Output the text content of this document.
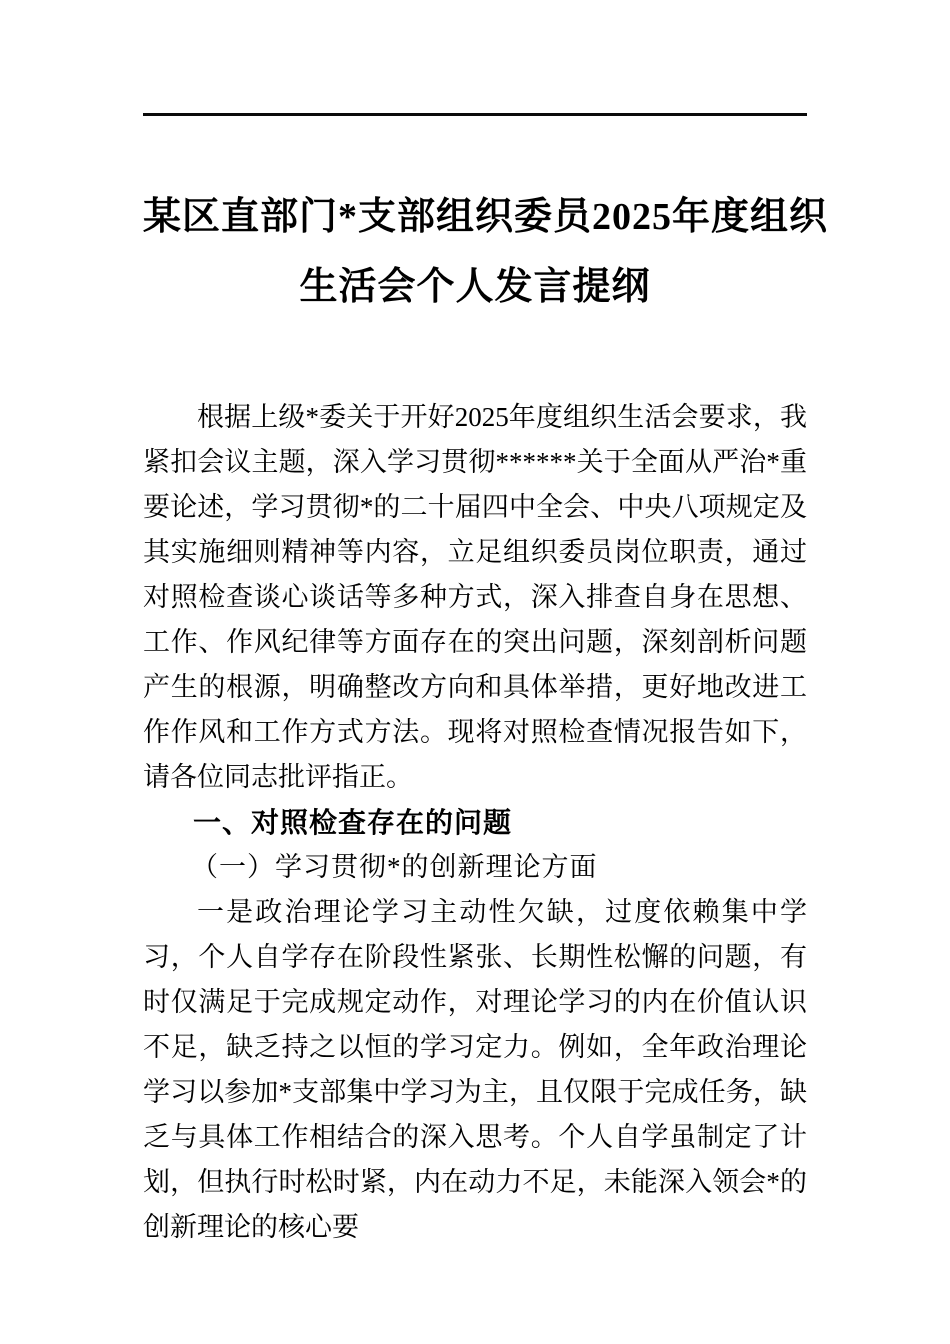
某区直部门*支部组织委员2025年度组织
生活会个人发言提纲

根据上级*委关于开好2025年度组织生活会要求，我紧扣会议主题，深入学习贯彻******关于全面从严治*重要论述，学习贯彻*的二十届四中全会、中央八项规定及其实施细则精神等内容，立足组织委员岗位职责，通过对照检查谈心谈话等多种方式，深入排查自身在思想、工作、作风纪律等方面存在的突出问题，深刻剖析问题产生的根源，明确整改方向和具体举措，更好地改进工作作风和工作方式方法。现将对照检查情况报告如下，请各位同志批评指正。

一、对照检查存在的问题
（一）学习贯彻*的创新理论方面

一是政治理论学习主动性欠缺，过度依赖集中学习，个人自学存在阶段性紧张、长期性松懈的问题，有时仅满足于完成规定动作，对理论学习的内在价值认识不足，缺乏持之以恒的学习定力。例如，全年政治理论学习以参加*支部集中学习为主，且仅限于完成任务，缺乏与具体工作相结合的深入思考。个人自学虽制定了计划，但执行时松时紧，内在动力不足，未能深入领会*的创新理论的核心要
